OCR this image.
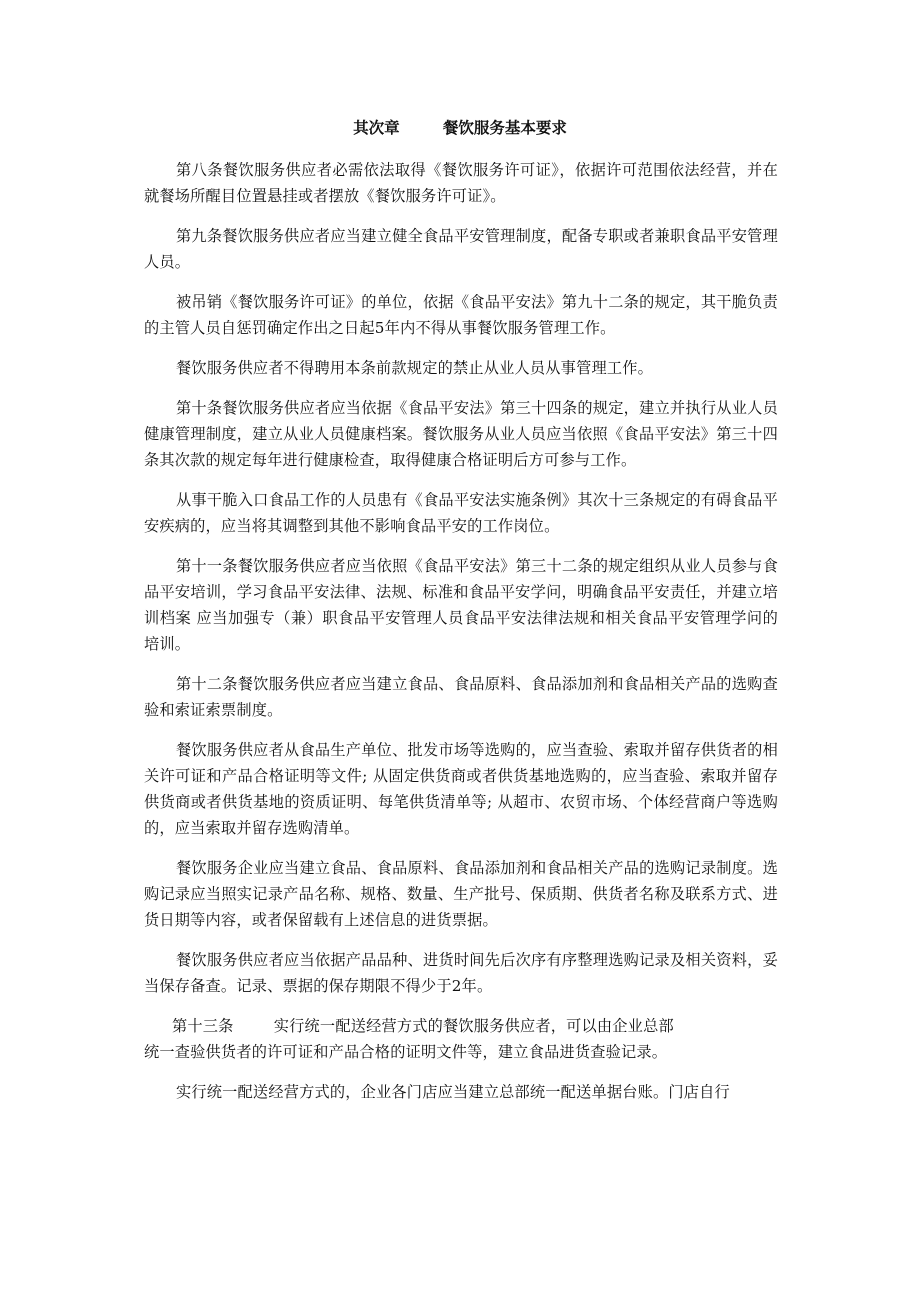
其次章        餐饮服务基本要求

第八条餐饮服务供应者必需依法取得《餐饮服务许可证》，依据许可范围依法经营，并在就餐场所醒目位置悬挂或者摆放《餐饮服务许可证》。

第九条餐饮服务供应者应当建立健全食品平安管理制度，配备专职或者兼职食品平安管理人员。

被吊销《餐饮服务许可证》的单位，依据《食品平安法》第九十二条的规定，其干脆负责的主管人员自惩罚确定作出之日起5年内不得从事餐饮服务管理工作。

餐饮服务供应者不得聘用本条前款规定的禁止从业人员从事管理工作。

第十条餐饮服务供应者应当依据《食品平安法》第三十四条的规定，建立并执行从业人员健康管理制度，建立从业人员健康档案。餐饮服务从业人员应当依照《食品平安法》第三十四条其次款的规定每年进行健康检查，取得健康合格证明后方可参与工作。

从事干脆入口食品工作的人员患有《食品平安法实施条例》其次十三条规定的有碍食品平安疾病的，应当将其调整到其他不影响食品平安的工作岗位。

第十一条餐饮服务供应者应当依照《食品平安法》第三十二条的规定组织从业人员参与食品平安培训，学习食品平安法律、法规、标准和食品平安学问，明确食品平安责任，并建立培训档案 应当加强专（兼）职食品平安管理人员食品平安法律法规和相关食品平安管理学问的培训。

第十二条餐饮服务供应者应当建立食品、食品原料、食品添加剂和食品相关产品的选购查验和索证索票制度。

餐饮服务供应者从食品生产单位、批发市场等选购的，应当查验、索取并留存供货者的相关许可证和产品合格证明等文件; 从固定供货商或者供货基地选购的，应当查验、索取并留存供货商或者供货基地的资质证明、每笔供货清单等; 从超市、农贸市场、个体经营商户等选购的，应当索取并留存选购清单。

餐饮服务企业应当建立食品、食品原料、食品添加剂和食品相关产品的选购记录制度。选购记录应当照实记录产品名称、规格、数量、生产批号、保质期、供货者名称及联系方式、进货日期等内容，或者保留载有上述信息的进货票据。

餐饮服务供应者应当依据产品品种、进货时间先后次序有序整理选购记录及相关资料，妥当保存备查。记录、票据的保存期限不得少于2年。

第十三条        实行统一配送经营方式的餐饮服务供应者，可以由企业总部
统一查验供货者的许可证和产品合格的证明文件等，建立食品进货查验记录。

实行统一配送经营方式的，企业各门店应当建立总部统一配送单据台账。门店自行
